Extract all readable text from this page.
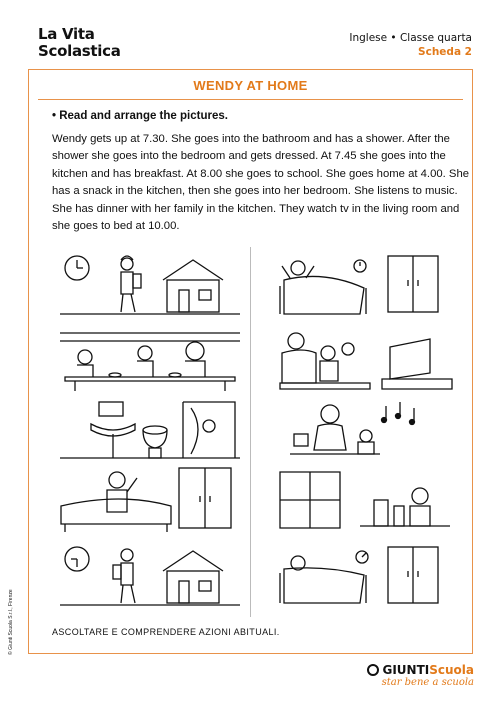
La Vita
Scolastica
Inglese • Classe quarta
Scheda 2
WENDY AT HOME
• Read and arrange the pictures.
Wendy gets up at 7.30. She goes into the bathroom and has a shower. After the shower she goes into the bedroom and gets dressed. At 7.45 she goes into the kitchen and has breakfast. At 8.00 she goes to school. She goes home at 4.00. She has a snack in the kitchen, then she goes into her bedroom. She listens to music. She has dinner with her family in the kitchen. They watch tv in the living room and she goes to bed at 10.00.
ASCOLTARE E COMPRENDERE AZIONI ABITUALI.
© Giunti Scuola S.r.l., Firenze
GIUNTIScuola
star bene a scuola
